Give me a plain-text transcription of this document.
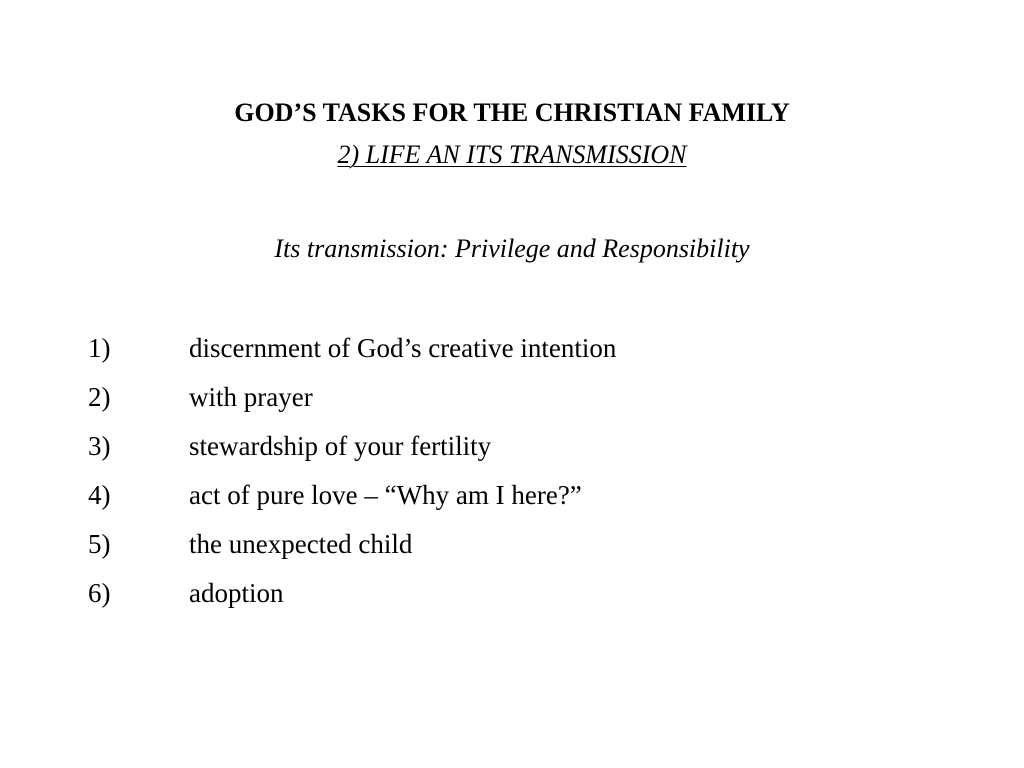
GOD’S TASKS FOR THE CHRISTIAN FAMILY
2) LIFE AN ITS TRANSMISSION
Its transmission: Privilege and Responsibility
1)	discernment of God’s creative intention
2)	with prayer
3)	stewardship of your fertility
4)	act of pure love – “Why am I here?”
5)	the unexpected child
6)	adoption
